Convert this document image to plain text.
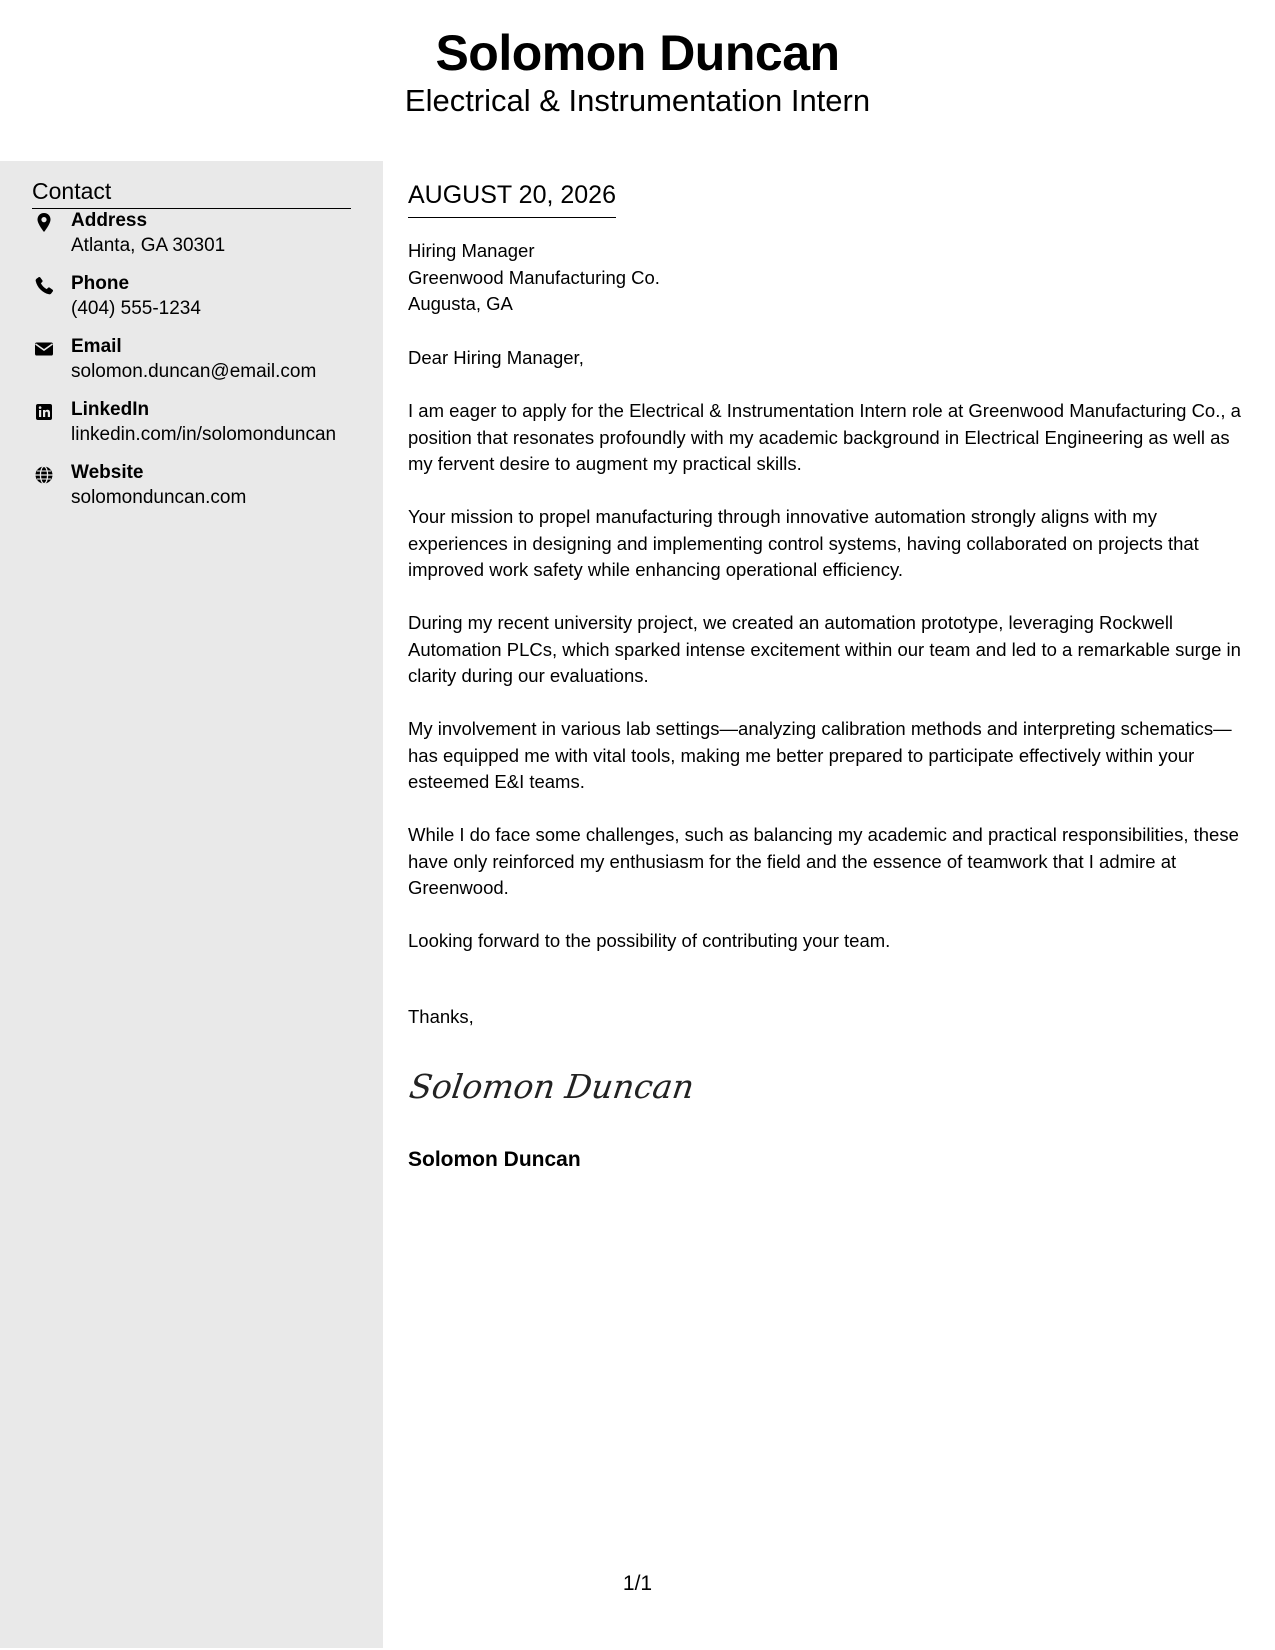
Solomon Duncan
Electrical & Instrumentation Intern
Contact
Address
Atlanta, GA 30301
Phone
(404) 555-1234
Email
solomon.duncan@email.com
LinkedIn
linkedin.com/in/solomonduncan
Website
solomonduncan.com
AUGUST 20, 2026
Hiring Manager
Greenwood Manufacturing Co.
Augusta, GA
Dear Hiring Manager,
I am eager to apply for the Electrical & Instrumentation Intern role at Greenwood Manufacturing Co., a position that resonates profoundly with my academic background in Electrical Engineering as well as my fervent desire to augment my practical skills.
Your mission to propel manufacturing through innovative automation strongly aligns with my experiences in designing and implementing control systems, having collaborated on projects that improved work safety while enhancing operational efficiency.
During my recent university project, we created an automation prototype, leveraging Rockwell Automation PLCs, which sparked intense excitement within our team and led to a remarkable surge in clarity during our evaluations.
My involvement in various lab settings—analyzing calibration methods and interpreting schematics—has equipped me with vital tools, making me better prepared to participate effectively within your esteemed E&I teams.
While I do face some challenges, such as balancing my academic and practical responsibilities, these have only reinforced my enthusiasm for the field and the essence of teamwork that I admire at Greenwood.
Looking forward to the possibility of contributing your team.
Thanks,
Solomon Duncan
Solomon Duncan
1/1
